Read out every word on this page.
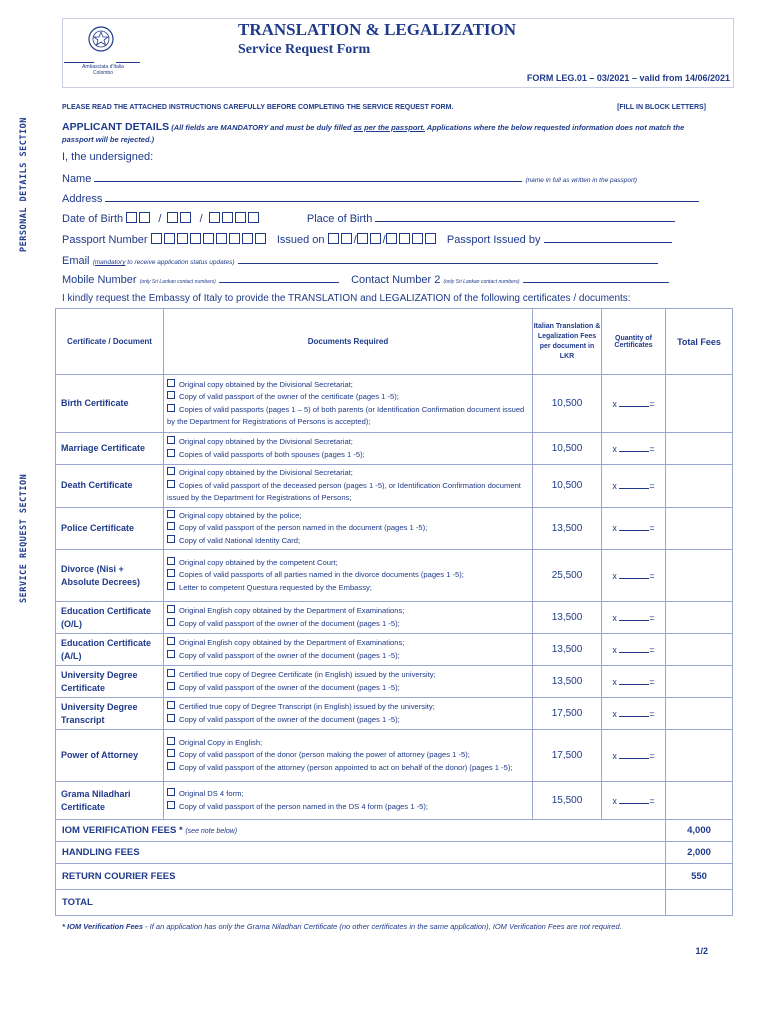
Ambasciata d'Italia Colombo
TRANSLATION & LEGALIZATION
Service Request Form
FORM LEG.01 – 03/2021 – valid from 14/06/2021
PERSONAL DETAILS SECTION
SERVICE REQUEST SECTION
PLEASE READ THE ATTACHED INSTRUCTIONS CAREFULLY BEFORE COMPLETING THE SERVICE REQUEST FORM.	[FILL IN BLOCK LETTERS]
APPLICANT DETAILS (All fields are MANDATORY and must be duly filled as per the passport. Applications where the below requested information does not match the passport will be rejected.)
I, the undersigned:
Name	(name in full as written in the passport)
Address
Date of Birth	/    /	Place of Birth
Passport Number	Issued on	/ /	Passport Issued by
Email (mandatory to receive application status updates)
Mobile Number (only Sri Lankan contact numbers)	Contact Number 2 (only Sri Lankan contact numbers)
I kindly request the Embassy of Italy to provide the TRANSLATION and LEGALIZATION of the following certificates / documents:
Certificate / Document	Documents Required	Italian Translation & Legalization Fees per document in LKR	Quantity of Certificates	Total Fees
Birth Certificate	Original copy obtained by the Divisional Secretariat;
Copy of valid passport of the owner of the certificate (pages 1 -5);
Copies of valid passports (pages 1 – 5) of both parents (or Identification Confirmation document issued by the Department for Registrations of Persons is accepted);	10,500	x =	
Marriage Certificate	Original copy obtained by the Divisional Secretariat;
Copies of valid passports of both spouses (pages 1 -5);	10,500	x =	
Death Certificate	Original copy obtained by the Divisional Secretariat;
Copies of valid passport of the deceased person (pages 1 -5), or Identification Confirmation document issued by the Department for Registrations of Persons;	10,500	x =	
Police Certificate	Original copy obtained by the police;
Copy of valid passport of the person named in the document (pages 1 -5);
Copy of valid National Identity Card;	13,500	x =	
Divorce (Nisi + Absolute Decrees)	Original copy obtained by the competent Court;
Copies of valid passports of all parties named in the divorce documents (pages 1 -5);
Letter to competent Questura requested by the Embassy;	25,500	x =	
Education Certificate (O/L)	Original English copy obtained by the Department of Examinations;
Copy of valid passport of the owner of the document (pages 1 -5);	13,500	x =	
Education Certificate (A/L)	Original English copy obtained by the Department of Examinations;
Copy of valid passport of the owner of the document (pages 1 -5);	13,500	x =	
University Degree Certificate	Certified true copy of Degree Certificate (in English) issued by the university;
Copy of valid passport of the owner of the document (pages 1 -5);	13,500	x =	
University Degree Transcript	Certified true copy of Degree Transcript (in English) issued by the university;
Copy of valid passport of the owner of the document (pages 1 -5);	17,500	x =	
Power of Attorney	Original Copy in English;
Copy of valid passport of the donor (person making the power of attorney (pages 1 -5);
Copy of valid passport of the attorney (person appointed to act on behalf of the donor) (pages 1 -5);	17,500	x =	
Grama Niladhari Certificate	Original DS 4 form;
Copy of valid passport of the person named in the DS 4 form (pages 1 -5);	15,500	x =	
IOM VERIFICATION FEES * (see note below)				4,000
HANDLING FEES				2,000
RETURN COURIER FEES				550
TOTAL				
* IOM Verification Fees - If an application has only the Grama Niladhari Certificate (no other certificates in the same application), IOM Verification Fees are not required.
1/2
